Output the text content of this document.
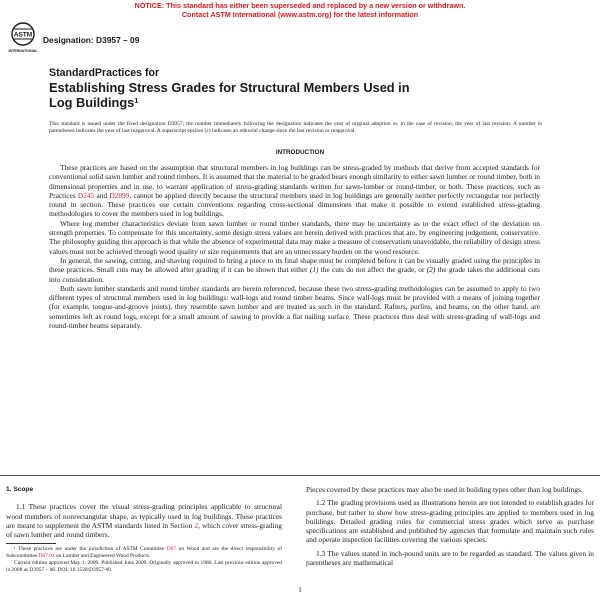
NOTICE: This standard has either been superseded and replaced by a new version or withdrawn.
Contact ASTM International (www.astm.org) for the latest information
ASTM
INTERNATIONAL
Designation: D3957 – 09
StandardPractices for
Establishing Stress Grades for Structural Members Used in
Log Buildings$^1$
This standard is issued under the fixed designation D3957; the number immediately following the designation indicates the year of original adoption or, in the case of revision, the year of last revision. A number in parentheses indicates the year of last reapproval. A superscript epsilon (ε) indicates an editorial change since the last revision or reapproval.
INTRODUCTION

These practices are based on the assumption that structural members in log buildings can be stress-graded by methods that derive from accepted standards for conventional solid sawn lumber and round timbers. It is assumed that the material to be graded bears enough similarity to either sawn lumber or round timber, both in dimensional properties and in use, to warrant application of stress-grading standards written for sawn-lumber or round-timber, or both. These practices, such as Practices D245 and D2899, cannot be applied directly because the structural members used in log buildings are generally neither perfectly rectangular nor perfectly round in section. These practices use certain conventions regarding cross-sectional dimensions that make it possible to extend established stress-grading methodologies to cover the members used in log buildings.

Where log member characteristics deviate from sawn lumber or round timber standards, there may be uncertainty as to the exact effect of the deviation on strength properties. To compensate for this uncertainty, some design stress values are herein derived with practices that are, by engineering judgement, conservative. The philosophy guiding this approach is that while the absence of experimental data may make a measure of conservatism unavoidable, the reliability of design stress values must not be achieved through wood quality or size requirements that are an unnecessary burden on the wood resource.

In general, the sawing, cutting, and shaving required to bring a piece to its final shape must be completed before it can be visually graded using the principles in these practices. Small cuts may be allowed after grading if it can be shown that either (1) the cuts do not affect the grade, or (2) the grade takes the additional cuts into consideration.

Both sawn lumber standards and round timber standards are herein referenced, because these two stress-grading methodologies can be assumed to apply to two different types of structural members used in log buildings: wall-logs and round timber beams. Since wall-logs must be provided with a means of joining together (for example, tongue-and-groove joints), they resemble sawn lumber and are treated as such in the standard. Rafters, purlins, and beams, on the other hand, are sometimes left as round logs, except for a small amount of sawing to provide a flat nailing surface. These practices thus deal with stress-grading of wall-logs and round-timber beams separately.

1. Scope

1.1 These practices cover the visual stress-grading principles applicable to structural wood members of nonrectangular shape, as typically used in log buildings. These practices are meant to supplement the ASTM standards listed in Section 2, which cover stress-grading of sawn lumber and round timbers.

¹ These practices are under the jurisdiction of ASTM Committee D07 on Wood and are the direct responsibility of Subcommittee D07.02 on Lumber and Engineered Wood Products.

Current edition approved May 1, 2009. Published June 2009. Originally approved in 1980. Last previous edition approved in 2008 as D3957 – 08. DOI: 10.1520/D3957-09.

Pieces covered by these practices may also be used in building types other than log buildings.

1.2 The grading provisions used as illustrations herein are not intended to establish grades for purchase, but rather to show how stress-grading principles are applied to members used in log buildings. Detailed grading rules for commercial stress grades which serve as purchase specifications are established and published by agencies that formulate and maintain such rules and operate inspection facilities covering the various species.

1.3 The values stated in inch-pound units are to be regarded as standard. The values given in parentheses are mathematical

1
